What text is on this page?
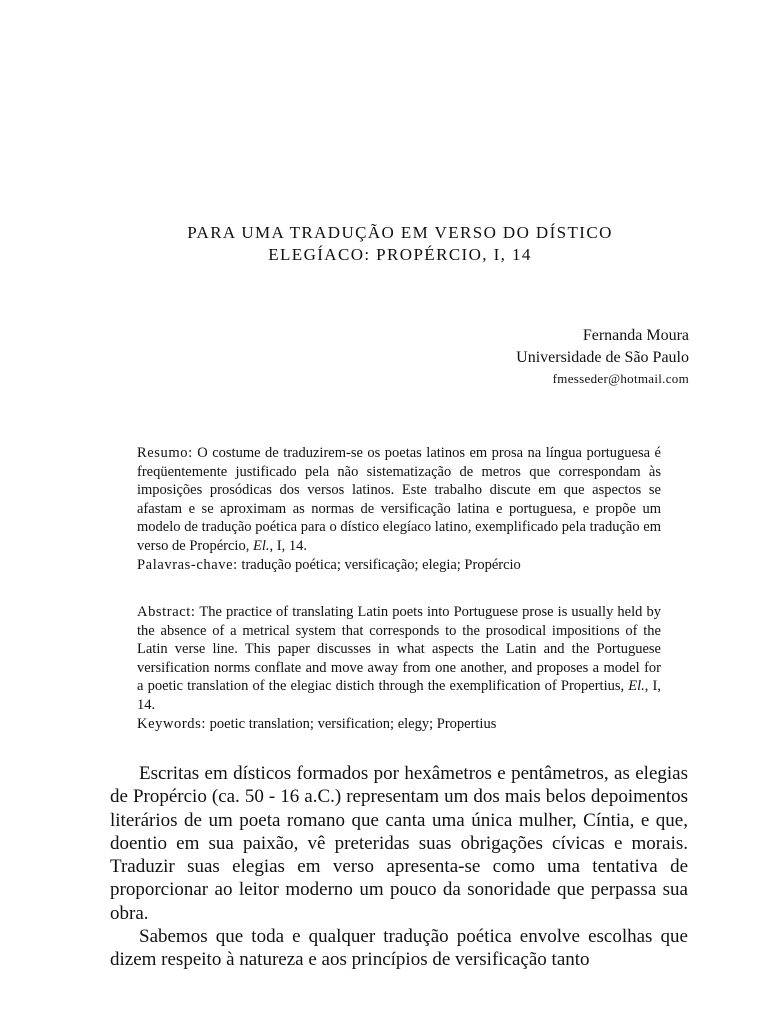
PARA UMA TRADUÇÃO EM VERSO DO DÍSTICO
ELEGÍACO: PROPÉRCIO, I, 14
Fernanda Moura
Universidade de São Paulo
fmesseder@hotmail.com

Resumo: O costume de traduzirem-se os poetas latinos em prosa na língua portuguesa é freqüentemente justificado pela não sistematização de metros que correspondam às imposições prosódicas dos versos latinos. Este trabalho discute em que aspectos se afastam e se aproximam as normas de versificação latina e portuguesa, e propõe um modelo de tradução poética para o dístico elegíaco latino, exemplificado pela tradução em verso de Propércio, El., I, 14.

Palavras-chave: tradução poética; versificação; elegia; Propércio

Abstract: The practice of translating Latin poets into Portuguese prose is usually held by the absence of a metrical system that corresponds to the prosodical impositions of the Latin verse line. This paper discusses in what aspects the Latin and the Portuguese versification norms conflate and move away from one another, and proposes a model for a poetic translation of the elegiac distich through the exemplification of Propertius, El., I, 14.

Keywords: poetic translation; versification; elegy; Propertius

Escritas em dísticos formados por hexâmetros e pentâmetros, as elegias de Propércio (ca. 50 - 16 a.C.) representam um dos mais belos depoimentos literários de um poeta romano que canta uma única mulher, Cíntia, e que, doentio em sua paixão, vê preteridas suas obrigações cívicas e morais. Traduzir suas elegias em verso apresenta-se como uma tentativa de proporcionar ao leitor moderno um pouco da sonoridade que perpassa sua obra.

Sabemos que toda e qualquer tradução poética envolve escolhas que dizem respeito à natureza e aos princípios de versificação tanto
